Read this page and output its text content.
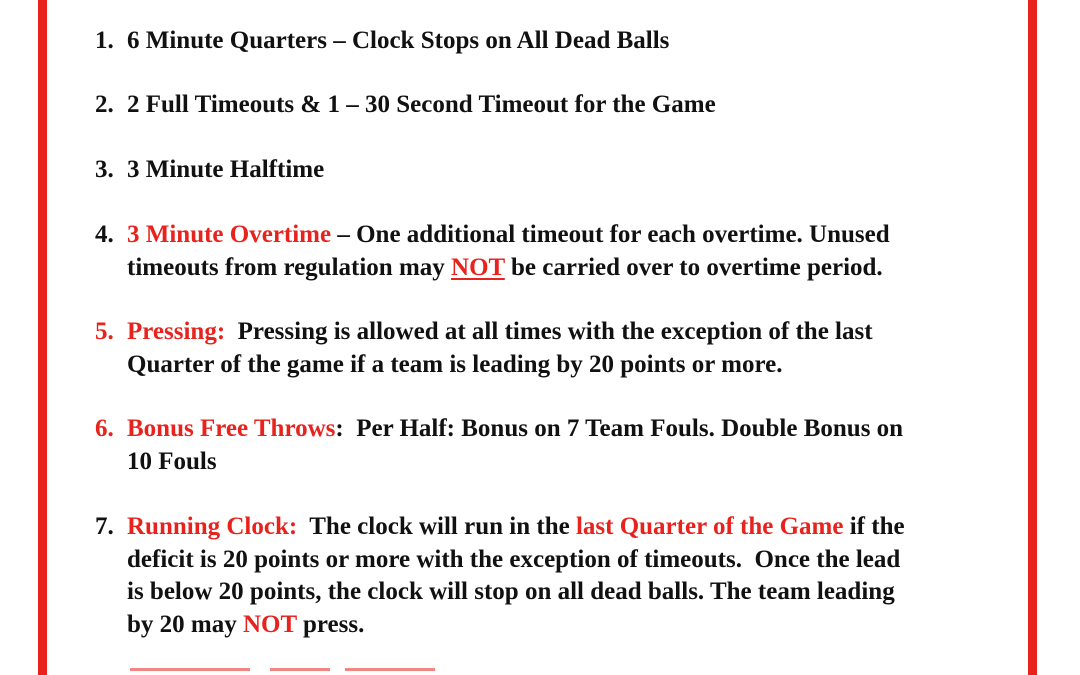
1. 6 Minute Quarters – Clock Stops on All Dead Balls
2. 2 Full Timeouts & 1 – 30 Second Timeout for the Game
3. 3 Minute Halftime
4. 3 Minute Overtime – One additional timeout for each overtime. Unused
timeouts from regulation may NOT be carried over to overtime period.
5. Pressing:  Pressing is allowed at all times with the exception of the last
Quarter of the game if a team is leading by 20 points or more.
6. Bonus Free Throws:  Per Half: Bonus on 7 Team Fouls. Double Bonus on
10 Fouls
7. Running Clock:  The clock will run in the last Quarter of the Game if the
deficit is 20 points or more with the exception of timeouts.  Once the lead
is below 20 points, the clock will stop on all dead balls. The team leading
by 20 may NOT press.
